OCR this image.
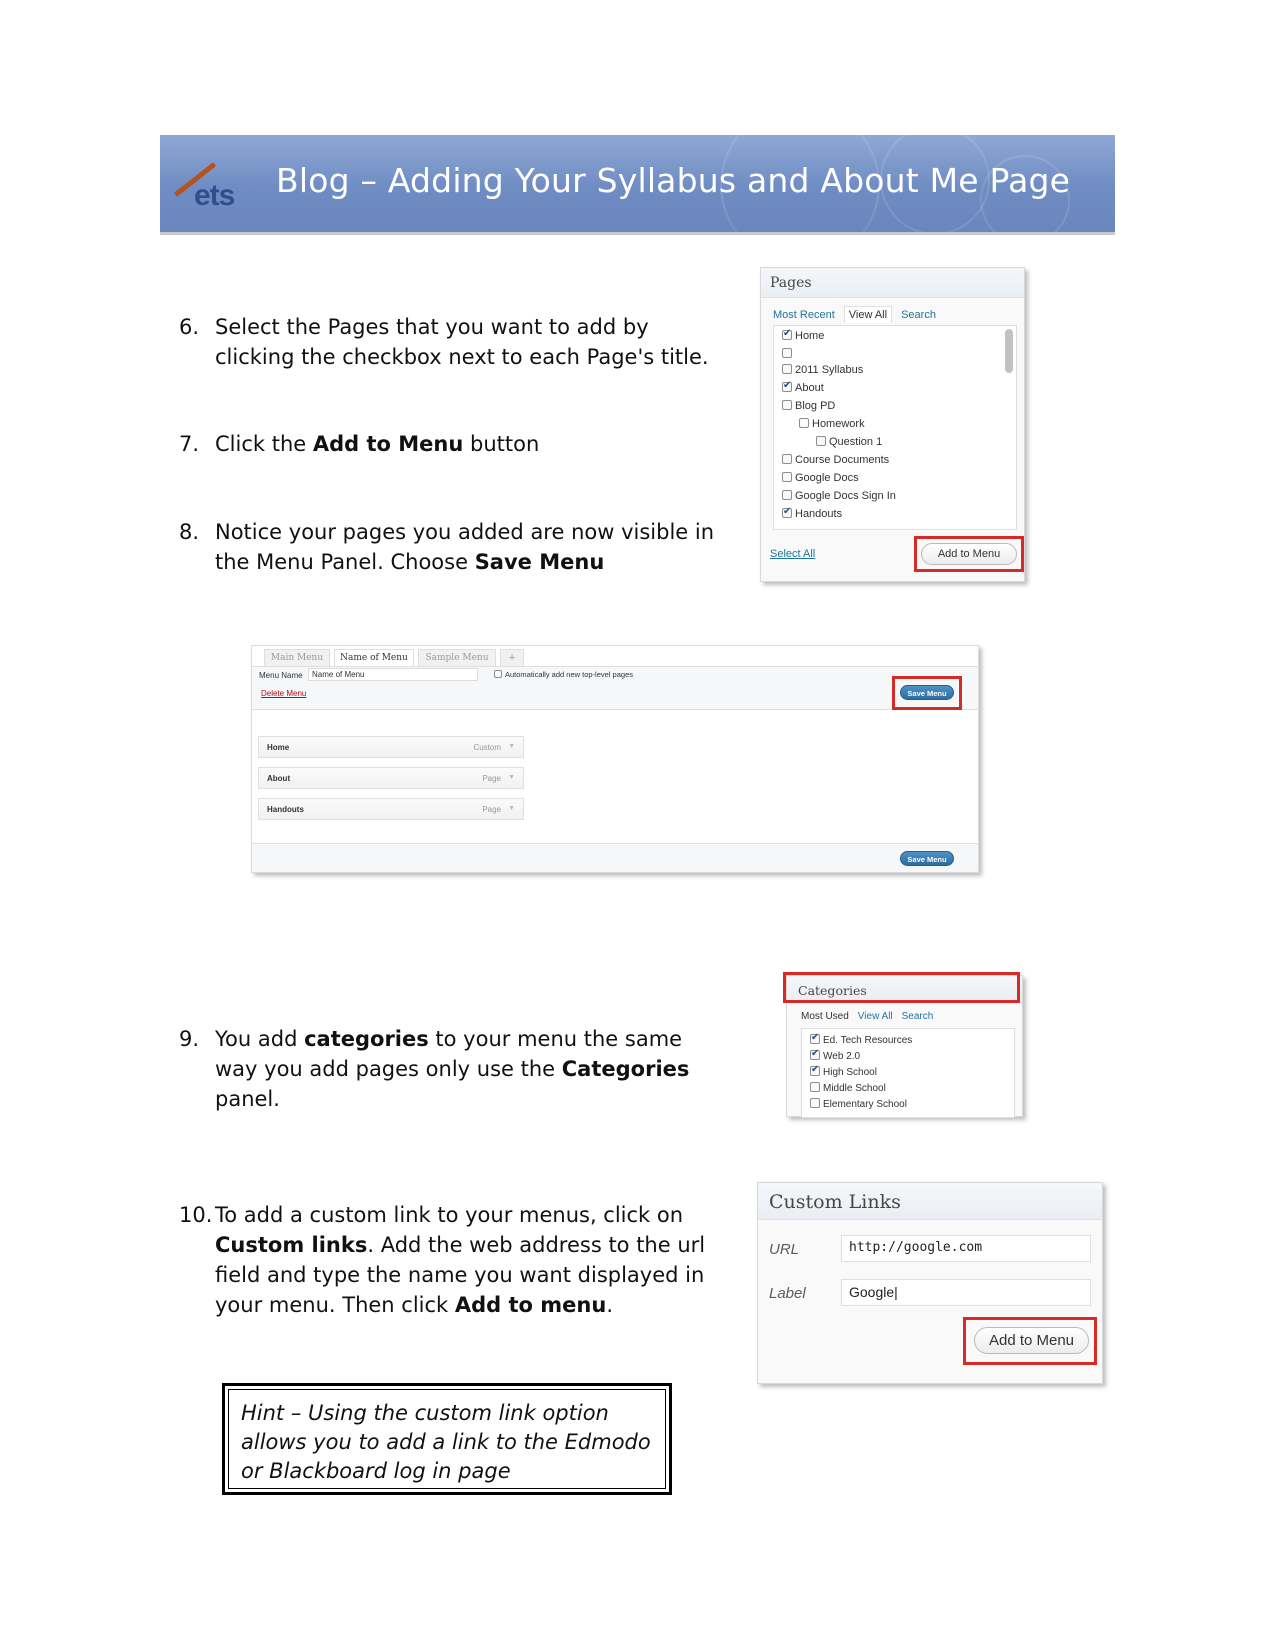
ets Blog – Adding Your Syllabus and About Me Page
6. Select the Pages that you want to add by clicking the checkbox next to each Page's title.
7. Click the Add to Menu button
8. Notice your pages you added are now visible in the Menu Panel. Choose Save Menu
9. You add categories to your menu the same way you add pages only use the Categories panel.
10. To add a custom link to your menus, click on Custom links. Add the web address to the url field and type the name you want displayed in your menu. Then click Add to menu.
Hint – Using the custom link option allows you to add a link to the Edmodo or Blackboard log in page
Pages
Most Recent View All Search
✔Home
2011 Syllabus
✔About
Blog PD
Homework
Question 1
Course Documents
Google Docs
Google Docs Sign In
✔Handouts
Select All	Add to Menu
Main Menu	Name of Menu	Sample Menu	+
Menu Name	Name of Menu	Automatically add new top-level pages
Delete Menu	Save Menu
Home	Custom ▼
About	Page ▼
Handouts	Page ▼
Save Menu
Categories
Most Used View All Search
✔Ed. Tech Resources
✔Web 2.0
✔High School
Middle School
Elementary School
Custom Links
URL	http://google.com
Label	Google|
Add to Menu
